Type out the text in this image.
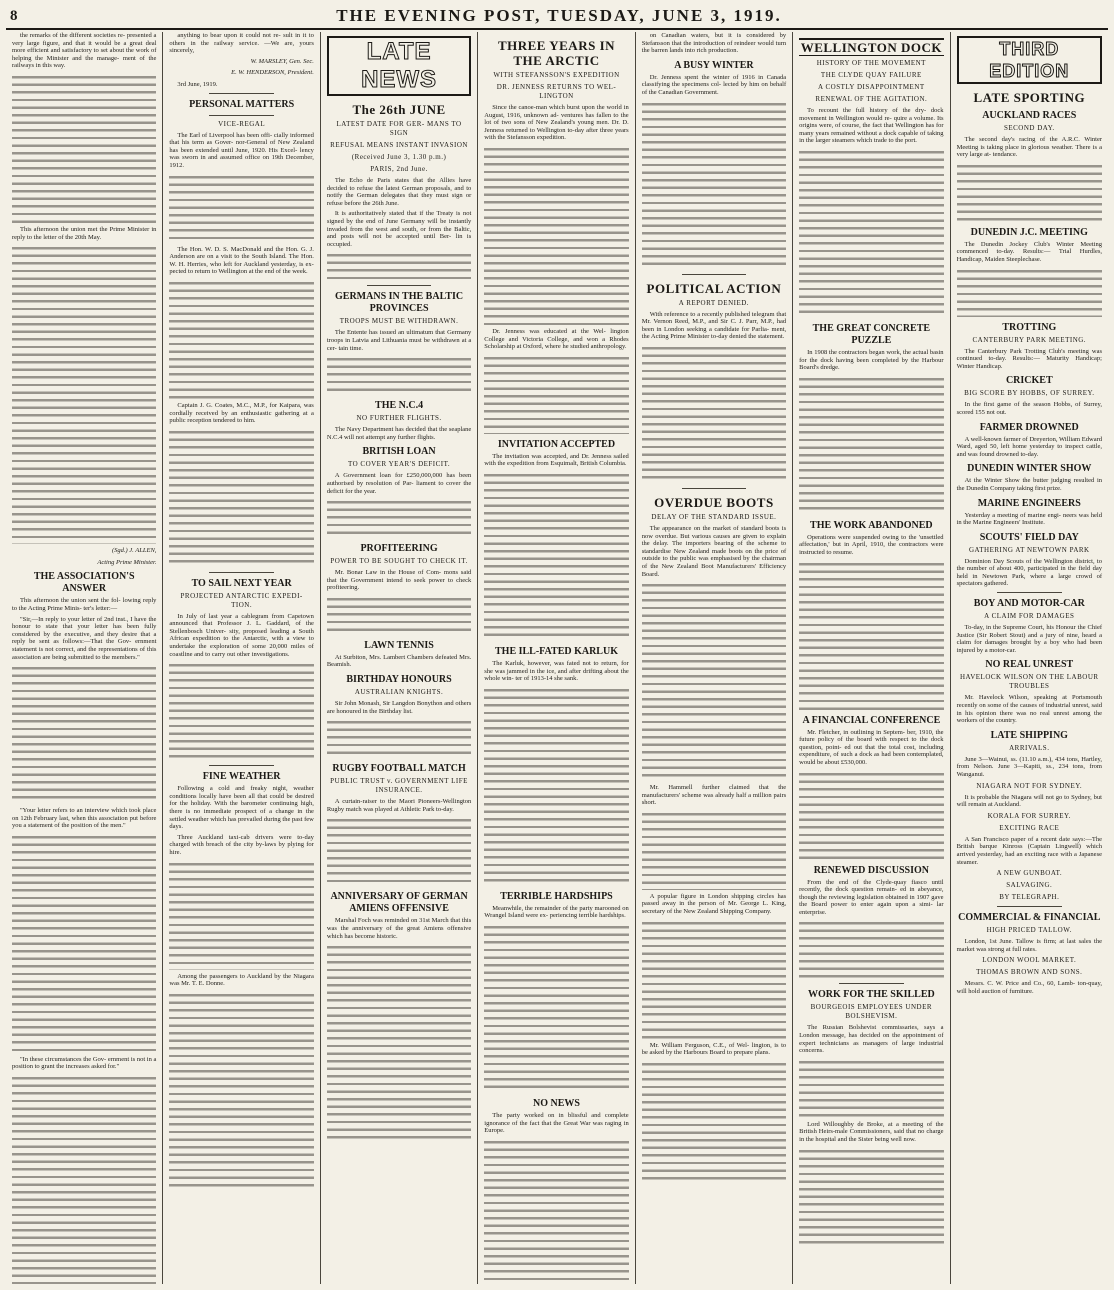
8	THE EVENING POST, TUESDAY, JUNE 3, 1919.

the remarks of the different societies re- presented a very large figure, and that it would be a great deal more efficient and satisfactory to set about the work of helping the Minister and the manage- ment of the railways in this way.

This afternoon the union met the Prime Minister in reply to the letter of the 20th May.

(Sgd.) J. ALLEN,
Acting Prime Minister.
THE ASSOCIATION'S ANSWER

This afternoon the union sent the fol- lowing reply to the Acting Prime Minis- ter's letter:—

"Sir,—In reply to your letter of 2nd inst., I have the honour to state that your letter has been fully considered by the executive, and they desire that a reply be sent as follows:—That the Gov- ernment statement is not correct, and the representations of this association are being submitted to the members."

"Your letter refers to an interview which took place on 12th February last, when this association put before you a statement of the position of the men."

"In these circumstances the Gov- ernment is not in a position to grant the increases asked for."

anything to bear upon it could not re- sult in it to others in the railway service. —We are, yours sincerely,

W. MARSLEY, Gen. Sec.
E. W. HENDERSON, President.

3rd June, 1919.

PERSONAL MATTERS
VICE-REGAL

The Earl of Liverpool has been offi- cially informed that his term as Gover- nor-General of New Zealand has been extended until June, 1920. His Excel- lency was sworn in and assumed office on 19th December, 1912.

The Hon. W. D. S. MacDonald and the Hon. G. J. Anderson are on a visit to the South Island. The Hon. W. H. Herries, who left for Auckland yesterday, is ex- pected to return to Wellington at the end of the week.

Captain J. G. Coates, M.C., M.P., for Kaipara, was cordially received by an enthusiastic gathering at a public reception tendered to him.

TO SAIL NEXT YEAR
PROJECTED ANTARCTIC EXPEDI- TION.

In July of last year a cablegram from Capetown announced that Professor J. L. Gaddard, of the Stellenbosch Univer- sity, proposed leading a South African expedition to the Antarctic, with a view to undertake the exploration of some 20,000 miles of coastline and to carry out other investigations.

FINE WEATHER

Following a cold and freaky night, weather conditions locally have been all that could be desired for the holiday. With the barometer continuing high, there is no immediate prospect of a change in the settled weather which has prevailed during the past few days.

Three Auckland taxi-cab drivers were to-day charged with breach of the city by-laws by plying for hire.

Among the passengers to Auckland by the Niagara was Mr. T. E. Donne.

LATE NEWS
The 26th JUNE
LATEST DATE FOR GER- MANS TO SIGN
REFUSAL MEANS INSTANT INVASION
(Received June 3, 1.30 p.m.)
PARIS, 2nd June.

The Echo de Paris states that the Allies have decided to refuse the latest German proposals, and to notify the German delegates that they must sign or refuse before the 26th June.

It is authoritatively stated that if the Treaty is not signed by the end of June Germany will be instantly invaded from the west and south, or from the Baltic, and posts will not be accepted until Ber- lin is occupied.

GERMANS IN THE BALTIC PROVINCES
TROOPS MUST BE WITHDRAWN.

The Entente has issued an ultimatum that Germany troops in Latvia and Lithuania must be withdrawn at a cer- tain time.

THE N.C.4
NO FURTHER FLIGHTS.

The Navy Department has decided that the seaplane N.C.4 will not attempt any further flights.

BRITISH LOAN
TO COVER YEAR'S DEFICIT.

A Government loan for £250,000,000 has been authorised by resolution of Par- liament to cover the deficit for the year.

PROFITEERING
POWER TO BE SOUGHT TO CHECK IT.

Mr. Bonar Law in the House of Com- mons said that the Government intend to seek power to check profiteering.

LAWN TENNIS

At Surbiton, Mrs. Lambert Chambers defeated Mrs. Beamish.

BIRTHDAY HONOURS
AUSTRALIAN KNIGHTS.

Sir John Monash, Sir Langdon Bonython and others are honoured in the Birthday list.

RUGBY FOOTBALL MATCH
PUBLIC TRUST v. GOVERNMENT LIFE INSURANCE.

A curtain-raiser to the Maori Pioneers-Wellington Rugby match was played at Athletic Park to-day.

ANNIVERSARY OF GERMAN AMIENS OFFENSIVE

Marshal Foch was reminded on 31st March that this was the anniversary of the great Amiens offensive which has become historic.

THREE YEARS IN THE ARCTIC
WITH STEFANSSON'S EXPEDITION
DR. JENNESS RETURNS TO WEL- LINGTON

Since the canoe-man which burst upon the world in August, 1916, unknown ad- ventures has fallen to the lot of two sons of New Zealand's young men. Dr. D. Jenness returned to Wellington to-day after three years with the Stefansson expedition.

Dr. Jenness was educated at the Wel- lington College and Victoria College, and won a Rhodes Scholarship at Oxford, where he studied anthropology.

INVITATION ACCEPTED

The invitation was accepted, and Dr. Jenness sailed with the expedition from Esquimalt, British Columbia.

THE ILL-FATED KARLUK

The Karluk, however, was fated not to return, for she was jammed in the ice, and after drifting about the whole win- ter of 1913-14 she sank.

TERRIBLE HARDSHIPS

Meanwhile, the remainder of the party marooned on Wrangel Island were ex- periencing terrible hardships.

NO NEWS

The party worked on in blissful and complete ignorance of the fact that the Great War was raging in Europe.

on Canadian waters, but it is considered by Stefansson that the introduction of reindeer would turn the barren lands into rich production.

A BUSY WINTER

Dr. Jenness spent the winter of 1916 in Canada classifying the specimens col- lected by him on behalf of the Canadian Government.

POLITICAL ACTION
A REPORT DENIED.

With reference to a recently published telegram that Mr. Vernon Reed, M.P., and Sir C. J. Parr, M.P., had been in London seeking a candidate for Parlia- ment, the Acting Prime Minister to-day denied the statement.

OVERDUE BOOTS
DELAY OF THE STANDARD ISSUE.

The appearance on the market of standard boots is now overdue. But various causes are given to explain the delay. The importers bearing of the scheme to standardise New Zealand made boots on the price of outside to the public was emphasised by the chairman of the New Zealand Boot Manufacturers' Efficiency Board.

Mr. Hammell further claimed that the manufacturers' scheme was already half a million pairs short.

A popular figure in London shipping circles has passed away in the person of Mr. George L. King, secretary of the New Zealand Shipping Company.

Mr. William Ferguson, C.E., of Wel- lington, is to be asked by the Harbours Board to prepare plans.

WELLINGTON DOCK
HISTORY OF THE MOVEMENT
THE CLYDE QUAY FAILURE
A COSTLY DISAPPOINTMENT
RENEWAL OF THE AGITATION.

To recount the full history of the dry- dock movement in Wellington would re- quire a volume. Its origins were, of course, the fact that Wellington has for many years remained without a dock capable of taking in the larger steamers which trade to the port.

THE GREAT CONCRETE PUZZLE

In 1908 the contractors began work, the actual basin for the dock having been completed by the Harbour Board's dredge.

THE WORK ABANDONED

Operations were suspended owing to the 'unsettled affectation,' but in April, 1910, the contractors were instructed to resume.

A FINANCIAL CONFERENCE

Mr. Fletcher, in outlining in Septem- ber, 1910, the future policy of the board with respect to the dock question, point- ed out that the total cost, including expenditure, of such a dock as had been contemplated, would be about £530,000.

RENEWED DISCUSSION

From the end of the Clyde-quay fiasco until recently, the dock question remain- ed in abeyance, though the reviewing legislation obtained in 1907 gave the Board power to enter again upon a simi- lar enterprise.

WORK FOR THE SKILLED
BOURGEOIS EMPLOYEES UNDER BOLSHEVISM.

The Russian Bolshevist commissaries, says a London message, has decided on the appointment of expert technicians as managers of large industrial concerns.

Lord Willoughby de Broke, at a meeting of the British Heirs-male Commissioners, said that no charge in the hospital and the Sister being well now.

THIRD EDITION
LATE SPORTING
AUCKLAND RACES
SECOND DAY.

The second day's racing of the A.R.C. Winter Meeting is taking place in glorious weather. There is a very large at- tendance.

DUNEDIN J.C. MEETING

The Dunedin Jockey Club's Winter Meeting commenced to-day. Results:— Trial Hurdles, Handicap, Maiden Steeplechase.

TROTTING
CANTERBURY PARK MEETING.

The Canterbury Park Trotting Club's meeting was continued to-day. Results:— Maturity Handicap; Winter Handicap.

CRICKET
BIG SCORE BY HOBBS, OF SURREY.

In the first game of the season Hobbs, of Surrey, scored 155 not out.

FARMER DROWNED

A well-known farmer of Dreyerton, William Edward Ward, aged 50, left home yesterday to inspect cattle, and was found drowned to-day.

DUNEDIN WINTER SHOW

At the Winter Show the butter judging resulted in the Dunedin Company taking first prize.

MARINE ENGINEERS

Yesterday a meeting of marine engi- neers was held in the Marine Engineers' Institute.

SCOUTS' FIELD DAY
GATHERING AT NEWTOWN PARK

Dominion Day Scouts of the Wellington district, to the number of about 400, participated in the field day held in Newtown Park, where a large crowd of spectators gathered.

BOY AND MOTOR-CAR
A CLAIM FOR DAMAGES

To-day, in the Supreme Court, his Honour the Chief Justice (Sir Robert Stout) and a jury of nine, heard a claim for damages brought by a boy who had been injured by a motor-car.

NO REAL UNREST
HAVELOCK WILSON ON THE LABOUR TROUBLES

Mr. Havelock Wilson, speaking at Portsmouth recently on some of the causes of industrial unrest, said in his opinion there was no real unrest among the workers of the country.

LATE SHIPPING
ARRIVALS.

June 3—Wainui, ss. (11.10 a.m.), 434 tons, Hartley, from Nelson. June 3—Kapiti, ss., 234 tons, from Wanganui.

NIAGARA NOT FOR SYDNEY.

It is probable the Niagara will not go to Sydney, but will remain at Auckland.

KORALA FOR SURREY.
EXCITING RACE

A San Francisco paper of a recent date says:—The British barque Kinross (Captain Lingwell) which arrived yesterday, had an exciting race with a Japanese steamer.

A NEW GUNBOAT.
SALVAGING.
BY TELEGRAPH.
COMMERCIAL & FINANCIAL
HIGH PRICED TALLOW.

London, 1st June. Tallow is firm; at last sales the market was strong at full rates.

LONDON WOOL MARKET.
THOMAS BROWN AND SONS.

Messrs. C. W. Price and Co., 60, Lamb- ton-quay, will hold auction of furniture.
